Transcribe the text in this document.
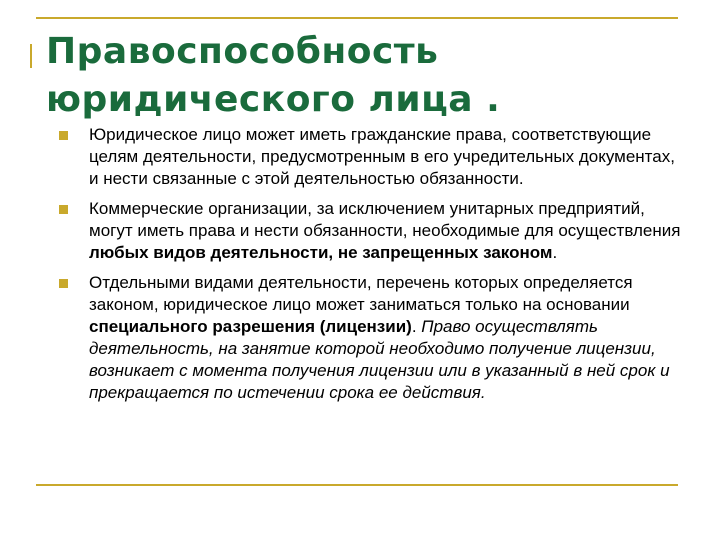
Правоспособность
юридического лица .
Юридическое лицо может иметь гражданские права, соответствующие целям деятельности, предусмотренным в его учредительных документах, и нести связанные с этой деятельностью обязанности.
Коммерческие организации, за исключением унитарных предприятий, могут иметь права и нести обязанности, необходимые для осуществления любых видов деятельности, не запрещенных законом.
Отдельными видами деятельности, перечень которых определяется законом, юридическое лицо может заниматься только на основании специального разрешения (лицензии). Право осуществлять деятельность, на занятие которой необходимо получение лицензии, возникает с момента получения лицензии или в указанный в ней срок и прекращается по истечении срока ее действия.
